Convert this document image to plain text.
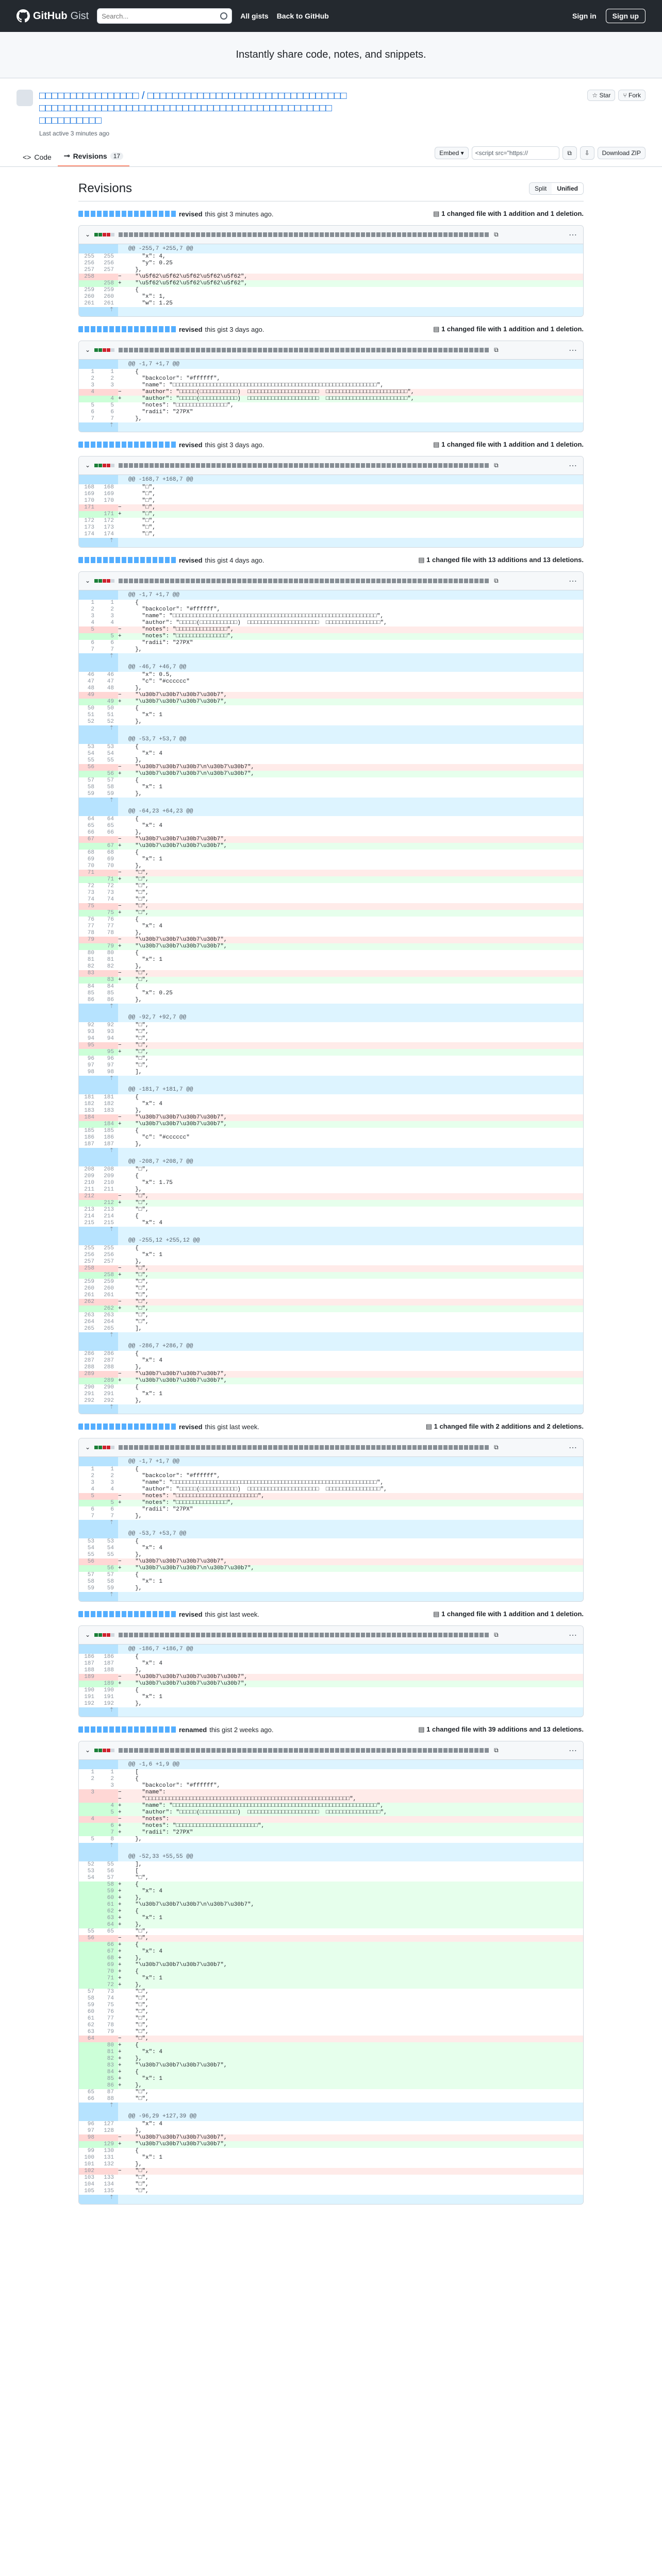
GitHub Gist
Search...	All gists Back to GitHub	Sign in	Sign up
Instantly share code, notes, and snippets.
□□□□□□□□□□□□□□□□ / □□□□□□□□□□□□□□□□□□□□□□□□□□□□□□□□
□□□□□□□□□□□□□□□□□□□□□□□□□□□□□□□□□□□□□□□□□□□□□□□
□□□□□□□□□□
Last active 3 minutes ago
☆ Star	⑂ Fork
<> Code ⊸ Revisions	17	Embed ▾	<script src="https://	⧉	⇩	Download ZIP
Revisions	Split	Unified
revised this gist 3 minutes ago.	▤ 1 changed file with 1 addition and 1 deletion.
⌄	⧉	⋯
			@@ -255,7 +255,7 @@
255	255		"x": 4,
256	256		"y": 0.25
257	257		},
258		−	"\u5f62\u5f62\u5f62\u5f62\u5f62",
	258	+	"\u5f62\u5f62\u5f62\u5f62\u5f62",
259	259		{
260	260		"x": 1,
261	261		"w": 1.25
⇡			
revised this gist 3 days ago.	▤ 1 changed file with 1 addition and 1 deletion.
⌄	⧉	⋯
			@@ -1,7 +1,7 @@
1	1		{
2	2		"backcolor": "#ffffff",
3	3		"name": "□□□□□□□□□□□□□□□□□□□□□□□□□□□□□□□□□□□□□□□□□□□□□□□□□□□□□□□□□□□□",
4		−	"author": "□□□□□(□□□□□□□□□□□)  □□□□□□□□□□□□□□□□□□□□□  □□□□□□□□□□□□□□□□□□□□□□□□",
	4	+	"author": "□□□□□(□□□□□□□□□□□)  □□□□□□□□□□□□□□□□□□□□□  □□□□□□□□□□□□□□□□□□□□□□□□",
5	5		"notes": "□□□□□□□□□□□□□□□",
6	6		"radii": "27PX"
7	7		},
⇡			
revised this gist 3 days ago.	▤ 1 changed file with 1 addition and 1 deletion.
⌄	⧉	⋯
			@@ -168,7 +168,7 @@
168	168		"□",
169	169		"□",
170	170		"□",
171		−	"□",
	171	+	"□",
172	172		"□",
173	173		"□",
174	174		"□",
⇡			
revised this gist 4 days ago.	▤ 1 changed file with 13 additions and 13 deletions.
⌄	⧉	⋯
			@@ -1,7 +1,7 @@
1	1		{
2	2		"backcolor": "#ffffff",
3	3		"name": "□□□□□□□□□□□□□□□□□□□□□□□□□□□□□□□□□□□□□□□□□□□□□□□□□□□□□□□□□□□□",
4	4		"author": "□□□□□(□□□□□□□□□□□)  □□□□□□□□□□□□□□□□□□□□□  □□□□□□□□□□□□□□□□",
5		−	"notes": "□□□□□□□□□□□□□□□",
	5	+	"notes": "□□□□□□□□□□□□□□□",
6	6		"radii": "27PX"
7	7		},
⇡			
			@@ -46,7 +46,7 @@
46	46		"x": 0.5,
47	47		"c": "#cccccc"
48	48		},
49		−	"\u30b7\u30b7\u30b7\u30b7",
	49	+	"\u30b7\u30b7\u30b7\u30b7",
50	50		{
51	51		"x": 1
52	52		},
⇡			
			@@ -53,7 +53,7 @@
53	53		{
54	54		"x": 4
55	55		},
56		−	"\u30b7\u30b7\u30b7\n\u30b7\u30b7",
	56	+	"\u30b7\u30b7\u30b7\n\u30b7\u30b7",
57	57		{
58	58		"x": 1
59	59		},
⇡			
			@@ -64,23 +64,23 @@
64	64		{
65	65		"x": 4
66	66		},
67		−	"\u30b7\u30b7\u30b7\u30b7",
	67	+	"\u30b7\u30b7\u30b7\u30b7",
68	68		{
69	69		"x": 1
70	70		},
71		−	"□",
	71	+	"□",
72	72		"□",
73	73		"□",
74	74		"□",
75		−	"□",
	75	+	"□",
76	76		{
77	77		"x": 4
78	78		},
79		−	"\u30b7\u30b7\u30b7\u30b7",
	79	+	"\u30b7\u30b7\u30b7\u30b7",
80	80		{
81	81		"x": 1
82	82		},
83		−	"□",
	83	+	"□",
84	84		{
85	85		"x": 0.25
86	86		},
⇡			
			@@ -92,7 +92,7 @@
92	92		"□",
93	93		"□",
94	94		"□",
95		−	"□",
	95	+	"□",
96	96		"□",
97	97		"□",
98	98		],
⇡			
			@@ -181,7 +181,7 @@
181	181		{
182	182		"x": 4
183	183		},
184		−	"\u30b7\u30b7\u30b7\u30b7",
	184	+	"\u30b7\u30b7\u30b7\u30b7",
185	185		{
186	186		"c": "#cccccc"
187	187		},
⇡			
			@@ -208,7 +208,7 @@
208	208		"□",
209	209		{
210	210		"x": 1.75
211	211		},
212		−	"□",
	212	+	"□",
213	213		"□",
214	214		{
215	215		"x": 4
⇡			
			@@ -255,12 +255,12 @@
255	255		{
256	256		"x": 1
257	257		},
258		−	"□",
	258	+	"□",
259	259		"□",
260	260		"□",
261	261		"□",
262		−	"□",
	262	+	"□",
263	263		"□",
264	264		"□",
265	265		],
⇡			
			@@ -286,7 +286,7 @@
286	286		{
287	287		"x": 4
288	288		},
289		−	"\u30b7\u30b7\u30b7\u30b7",
	289	+	"\u30b7\u30b7\u30b7\u30b7",
290	290		{
291	291		"x": 1
292	292		},
⇡			
revised this gist last week.	▤ 1 changed file with 2 additions and 2 deletions.
⌄	⧉	⋯
			@@ -1,7 +1,7 @@
1	1		{
2	2		"backcolor": "#ffffff",
3	3		"name": "□□□□□□□□□□□□□□□□□□□□□□□□□□□□□□□□□□□□□□□□□□□□□□□□□□□□□□□□□□□□",
4	4		"author": "□□□□□(□□□□□□□□□□□)  □□□□□□□□□□□□□□□□□□□□□  □□□□□□□□□□□□□□□□",
5		−	"notes": "□□□□□□□□□□□□□□□□□□□□□□□□",
	5	+	"notes": "□□□□□□□□□□□□□□□",
6	6		"radii": "27PX"
7	7		},
⇡			
			@@ -53,7 +53,7 @@
53	53		{
54	54		"x": 4
55	55		},
56		−	"\u30b7\u30b7\u30b7\u30b7",
	56	+	"\u30b7\u30b7\u30b7\n\u30b7\u30b7",
57	57		{
58	58		"x": 1
59	59		},
⇡			
revised this gist last week.	▤ 1 changed file with 1 addition and 1 deletion.
⌄	⧉	⋯
			@@ -186,7 +186,7 @@
186	186		{
187	187		"x": 4
188	188		},
189		−	"\u30b7\u30b7\u30b7\u30b7\u30b7",
	189	+	"\u30b7\u30b7\u30b7\u30b7\u30b7",
190	190		{
191	191		"x": 1
192	192		},
⇡			
renamed this gist 2 weeks ago.	▤ 1 changed file with 39 additions and 13 deletions.
⌄	⧉	⋯
			@@ -1,6 +1,9 @@
1	1		[
2	2		{
	3		"backcolor": "#ffffff",
3		−	"name":
		−	"□□□□□□□□□□□□□□□□□□□□□□□□□□□□□□□□□□□□□□□□□□□□□□□□□□□□□□□□□□□□",
	4	+	"name": "□□□□□□□□□□□□□□□□□□□□□□□□□□□□□□□□□□□□□□□□□□□□□□□□□□□□□□□□□□□□",
	5	+	"author": "□□□□□(□□□□□□□□□□□)  □□□□□□□□□□□□□□□□□□□□□  □□□□□□□□□□□□□□□□",
4		−	"notes":
	6	+	"notes": "□□□□□□□□□□□□□□□□□□□□□□□□",
	7	+	"radii": "27PX"
5	8		},
⇡			
			@@ -52,33 +55,55 @@
52	55		],
53	56		[
54	57		"□",
	58	+	{
	59	+	"x": 4
	60	+	},
	61	+	"\u30b7\u30b7\u30b7\n\u30b7\u30b7",
	62	+	{
	63	+	"x": 1
	64	+	},
55	65		"□",
56		−	"□",
	66	+	{
	67	+	"x": 4
	68	+	},
	69	+	"\u30b7\u30b7\u30b7\u30b7",
	70	+	{
	71	+	"x": 1
	72	+	},
57	73		"□",
58	74		"□",
59	75		"□",
60	76		"□",
61	77		"□",
62	78		"□",
63	79		"□",
64		−	"□",
	80	+	{
	81	+	"x": 4
	82	+	},
	83	+	"\u30b7\u30b7\u30b7\u30b7",
	84	+	{
	85	+	"x": 1
	86	+	},
65	87		"□",
66	88		"□",
⇡			
			@@ -96,29 +127,39 @@
96	127		"x": 4
97	128		},
98		−	"\u30b7\u30b7\u30b7\u30b7",
	129	+	"\u30b7\u30b7\u30b7\u30b7",
99	130		{
100	131		"x": 1
101	132		},
102		−	"□",
103	133		"□",
104	134		"□",
105	135		"□",
⇡			
